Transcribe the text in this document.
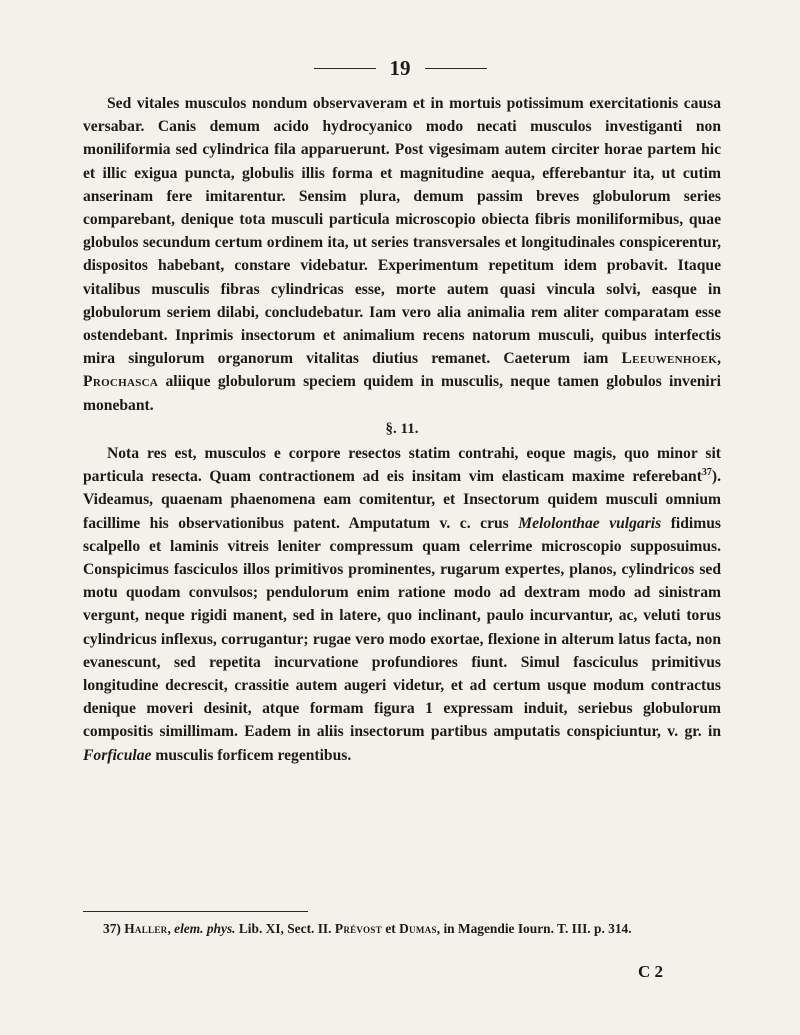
19

Sed vitales musculos nondum observaveram et in mortuis potissimum exercitationis causa versabar. Canis demum acido hydrocyanico modo necati musculos investiganti non moniliformia sed cylindrica fila apparuerunt. Post vigesimam autem circiter horae partem hic et illic exigua puncta, globulis illis forma et magnitudine aequa, efferebantur ita, ut cutim anserinam fere imitarentur. Sensim plura, demum passim breves globulorum series comparebant, denique tota musculi particula microscopio obiecta fibris moniliformibus, quae globulos secundum certum ordinem ita, ut series transversales et longitudinales conspicerentur, dispositos habebant, constare videbatur. Experimentum repetitum idem probavit. Itaque vitalibus musculis fibras cylindricas esse, morte autem quasi vincula solvi, easque in globulorum seriem dilabi, concludebatur. Iam vero alia animalia rem aliter comparatam esse ostendebant. Inprimis insectorum et animalium recens natorum musculi, quibus interfectis mira singulorum organorum vitalitas diutius remanet. Caeterum iam Leeuwenhoek, Prochasca aliique globulorum speciem quidem in musculis, neque tamen globulos inveniri monebant.

§. 11.

Nota res est, musculos e corpore resectos statim contrahi, eoque magis, quo minor sit particula resecta. Quam contractionem ad eis insitam vim elasticam maxime referebant$^{37}$). Videamus, quaenam phaenomena eam comitentur, et Insectorum quidem musculi omnium facillime his observationibus patent. Amputatum v. c. crus Melolonthae vulgaris fidimus scalpello et laminis vitreis leniter compressum quam celerrime microscopio supposuimus. Conspicimus fasciculos illos primitivos prominentes, rugarum expertes, planos, cylindricos sed motu quodam convulsos; pendulorum enim ratione modo ad dextram modo ad sinistram vergunt, neque rigidi manent, sed in latere, quo inclinant, paulo incurvantur, ac, veluti torus cylindricus inflexus, corrugantur; rugae vero modo exortae, flexione in alterum latus facta, non evanescunt, sed repetita incurvatione profundiores fiunt. Simul fasciculus primitivus longitudine decrescit, crassitie autem augeri videtur, et ad certum usque modum contractus denique moveri desinit, atque formam figura 1 expressam induit, seriebus globulorum compositis simillimam. Eadem in aliis insectorum partibus amputatis conspiciuntur, v. gr. in Forficulae musculis forficem regentibus.

37) Haller, elem. phys. Lib. XI, Sect. II. Prévost et Dumas, in Magendie Iourn. T. III. p. 314.

C 2
